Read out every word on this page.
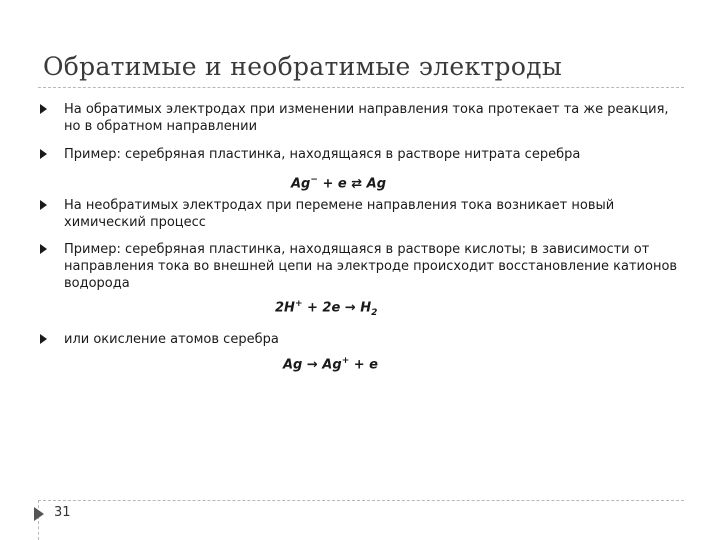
Обратимые и необратимые электроды
На обратимых электродах при изменении направления тока протекает та же реакция, но в обратном направлении
Пример: серебряная пластинка, находящаяся в растворе нитрата серебра
Ag− + e ⇄ Ag
На необратимых электродах при перемене направления тока возникает новый химический процесс
Пример: серебряная пластинка, находящаяся в растворе кислоты; в зависимости от направления тока во внешней цепи на электроде происходит восстановление катионов водорода
$2H^+ + 2e \to H_2$
или окисление атомов серебра
Ag → Ag+ + e
31
